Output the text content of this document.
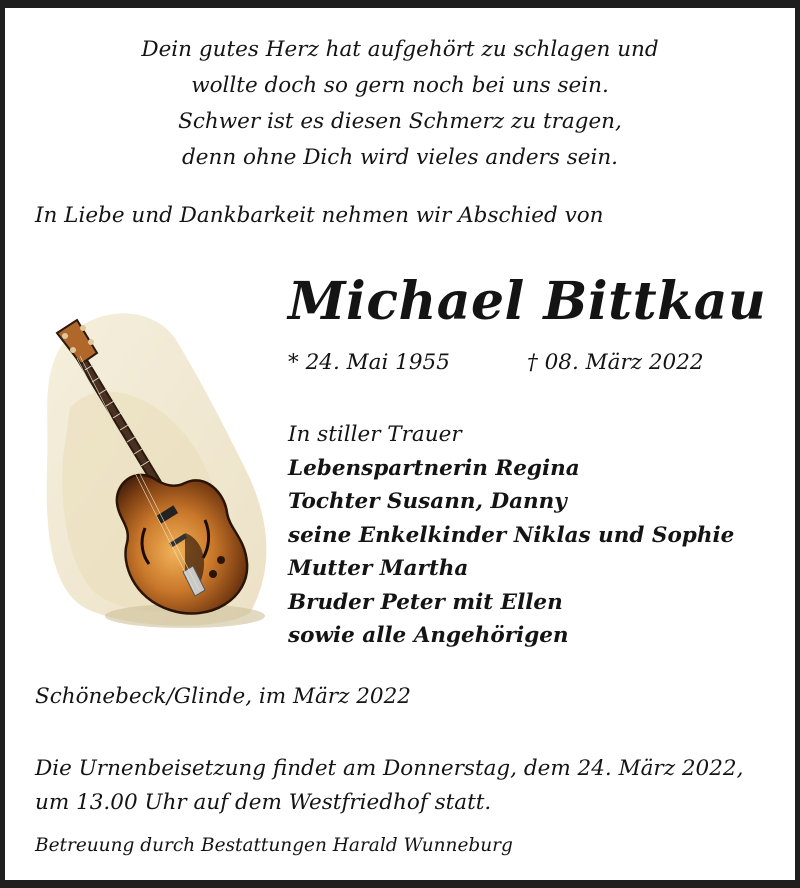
Dein gutes Herz hat aufgehört zu schlagen und
wollte doch so gern noch bei uns sein.
Schwer ist es diesen Schmerz zu tragen,
denn ohne Dich wird vieles anders sein.
In Liebe und Dankbarkeit nehmen wir Abschied von
Michael Bittkau
* 24. Mai 1955	† 08. März 2022
In stiller Trauer
Lebenspartnerin Regina
Tochter Susann, Danny
seine Enkelkinder Niklas und Sophie
Mutter Martha
Bruder Peter mit Ellen
sowie alle Angehörigen
Schönebeck/Glinde, im März 2022
Die Urnenbeisetzung findet am Donnerstag, dem 24. März 2022,
um 13.00 Uhr auf dem Westfriedhof statt.
Betreuung durch Bestattungen Harald Wunneburg
